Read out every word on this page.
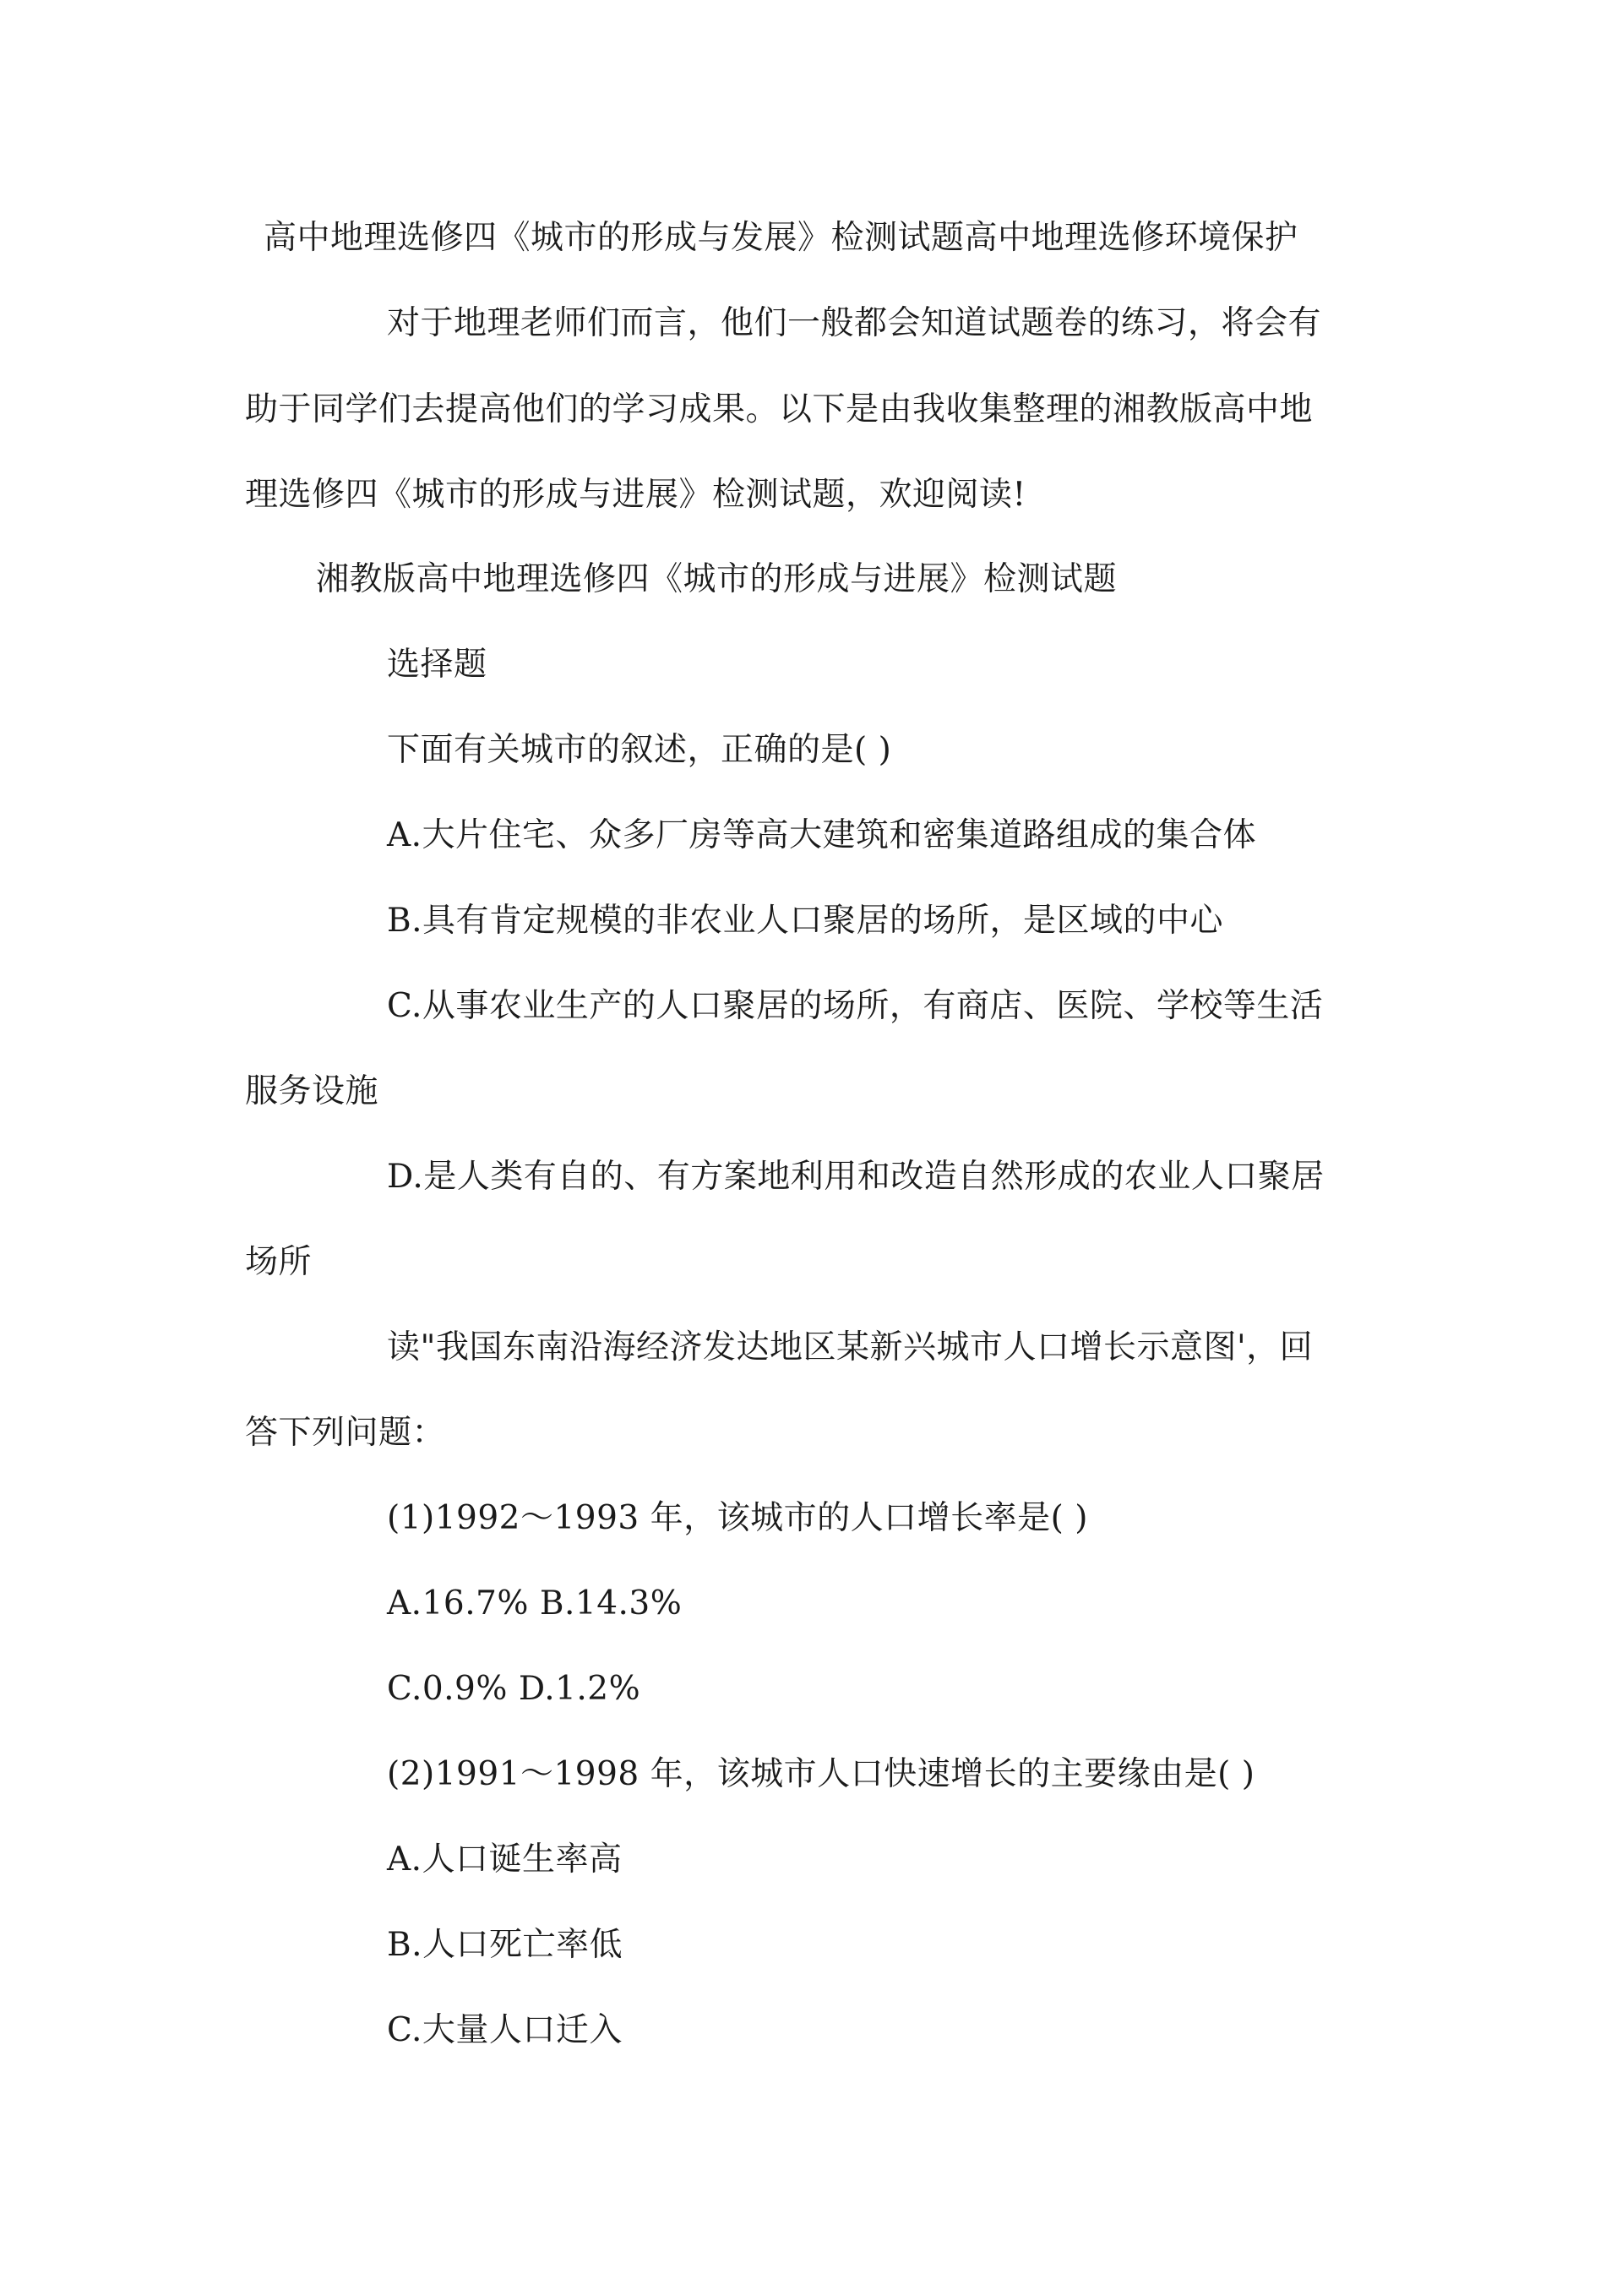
高中地理选修四《城市的形成与发展》检测试题高中地理选修环境保护
对于地理老师们而言，他们一般都会知道试题卷的练习，将会有
助于同学们去提高他们的学习成果。以下是由我收集整理的湘教版高中地
理选修四《城市的形成与进展》检测试题，欢迎阅读!
湘教版高中地理选修四《城市的形成与进展》检测试题
选择题
下面有关城市的叙述，正确的是( )
A.大片住宅、众多厂房等高大建筑和密集道路组成的集合体
B.具有肯定规模的非农业人口聚居的场所，是区域的中心
C.从事农业生产的人口聚居的场所，有商店、医院、学校等生活
服务设施
D.是人类有自的、有方案地利用和改造自然形成的农业人口聚居
场所
读"我国东南沿海经济发达地区某新兴城市人口增长示意图'，回
答下列问题：
(1)1992～1993 年，该城市的人口增长率是( )
A.16.7% B.14.3%
C.0.9% D.1.2%
(2)1991～1998 年，该城市人口快速增长的主要缘由是( )
A.人口诞生率高
B.人口死亡率低
C.大量人口迁入
